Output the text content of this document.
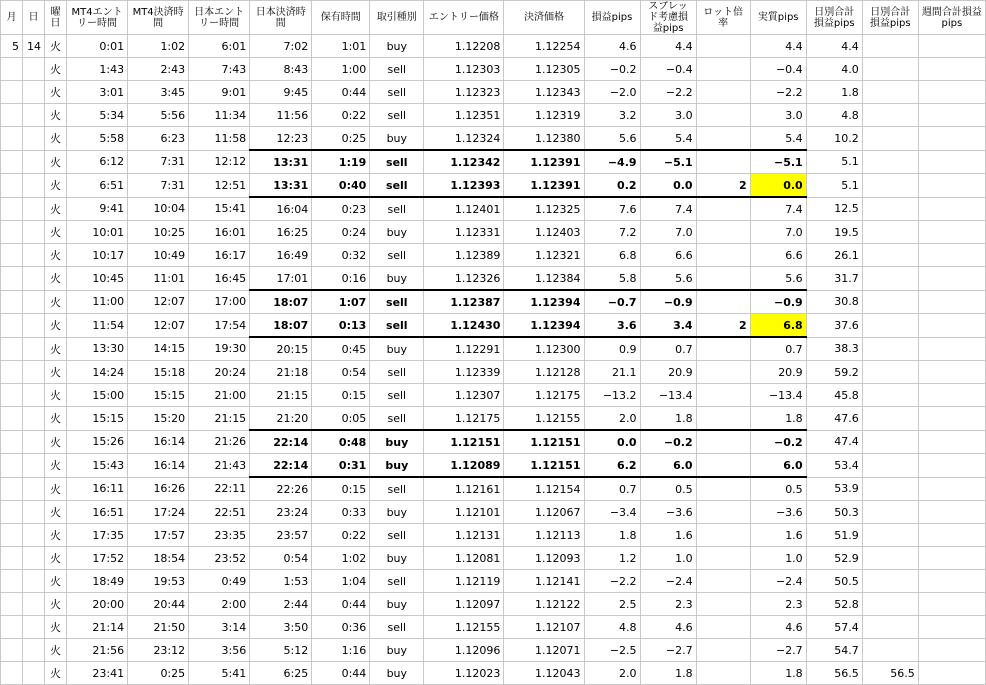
月	日	曜日	MT4エントリー時間	MT4決済時間	日本エントリー時間	日本決済時間	保有時間	取引種別	エントリー価格	決済価格	損益pips	スプレッド考慮損益pips	ロット倍率	実質pips	日別合計損益pips	日別合計損益pips	週間合計損益pips
5	14	火	0:01	1:02	6:01	7:02	1:01	buy	1.12208	1.12254	4.6	4.4		4.4	4.4		
		火	1:43	2:43	7:43	8:43	1:00	sell	1.12303	1.12305	−0.2	−0.4		−0.4	4.0		
		火	3:01	3:45	9:01	9:45	0:44	sell	1.12323	1.12343	−2.0	−2.2		−2.2	1.8		
		火	5:34	5:56	11:34	11:56	0:22	sell	1.12351	1.12319	3.2	3.0		3.0	4.8		
		火	5:58	6:23	11:58	12:23	0:25	buy	1.12324	1.12380	5.6	5.4		5.4	10.2		
		火	6:12	7:31	12:12	13:31	1:19	sell	1.12342	1.12391	−4.9	−5.1		−5.1	5.1		
		火	6:51	7:31	12:51	13:31	0:40	sell	1.12393	1.12391	0.2	0.0	2	0.0	5.1		
		火	9:41	10:04	15:41	16:04	0:23	sell	1.12401	1.12325	7.6	7.4		7.4	12.5		
		火	10:01	10:25	16:01	16:25	0:24	buy	1.12331	1.12403	7.2	7.0		7.0	19.5		
		火	10:17	10:49	16:17	16:49	0:32	sell	1.12389	1.12321	6.8	6.6		6.6	26.1		
		火	10:45	11:01	16:45	17:01	0:16	buy	1.12326	1.12384	5.8	5.6		5.6	31.7		
		火	11:00	12:07	17:00	18:07	1:07	sell	1.12387	1.12394	−0.7	−0.9		−0.9	30.8		
		火	11:54	12:07	17:54	18:07	0:13	sell	1.12430	1.12394	3.6	3.4	2	6.8	37.6		
		火	13:30	14:15	19:30	20:15	0:45	buy	1.12291	1.12300	0.9	0.7		0.7	38.3		
		火	14:24	15:18	20:24	21:18	0:54	sell	1.12339	1.12128	21.1	20.9		20.9	59.2		
		火	15:00	15:15	21:00	21:15	0:15	sell	1.12307	1.12175	−13.2	−13.4		−13.4	45.8		
		火	15:15	15:20	21:15	21:20	0:05	sell	1.12175	1.12155	2.0	1.8		1.8	47.6		
		火	15:26	16:14	21:26	22:14	0:48	buy	1.12151	1.12151	0.0	−0.2		−0.2	47.4		
		火	15:43	16:14	21:43	22:14	0:31	buy	1.12089	1.12151	6.2	6.0		6.0	53.4		
		火	16:11	16:26	22:11	22:26	0:15	sell	1.12161	1.12154	0.7	0.5		0.5	53.9		
		火	16:51	17:24	22:51	23:24	0:33	buy	1.12101	1.12067	−3.4	−3.6		−3.6	50.3		
		火	17:35	17:57	23:35	23:57	0:22	sell	1.12131	1.12113	1.8	1.6		1.6	51.9		
		火	17:52	18:54	23:52	0:54	1:02	buy	1.12081	1.12093	1.2	1.0		1.0	52.9		
		火	18:49	19:53	0:49	1:53	1:04	sell	1.12119	1.12141	−2.2	−2.4		−2.4	50.5		
		火	20:00	20:44	2:00	2:44	0:44	buy	1.12097	1.12122	2.5	2.3		2.3	52.8		
		火	21:14	21:50	3:14	3:50	0:36	sell	1.12155	1.12107	4.8	4.6		4.6	57.4		
		火	21:56	23:12	3:56	5:12	1:16	buy	1.12096	1.12071	−2.5	−2.7		−2.7	54.7		
		火	23:41	0:25	5:41	6:25	0:44	buy	1.12023	1.12043	2.0	1.8		1.8	56.5	56.5	
